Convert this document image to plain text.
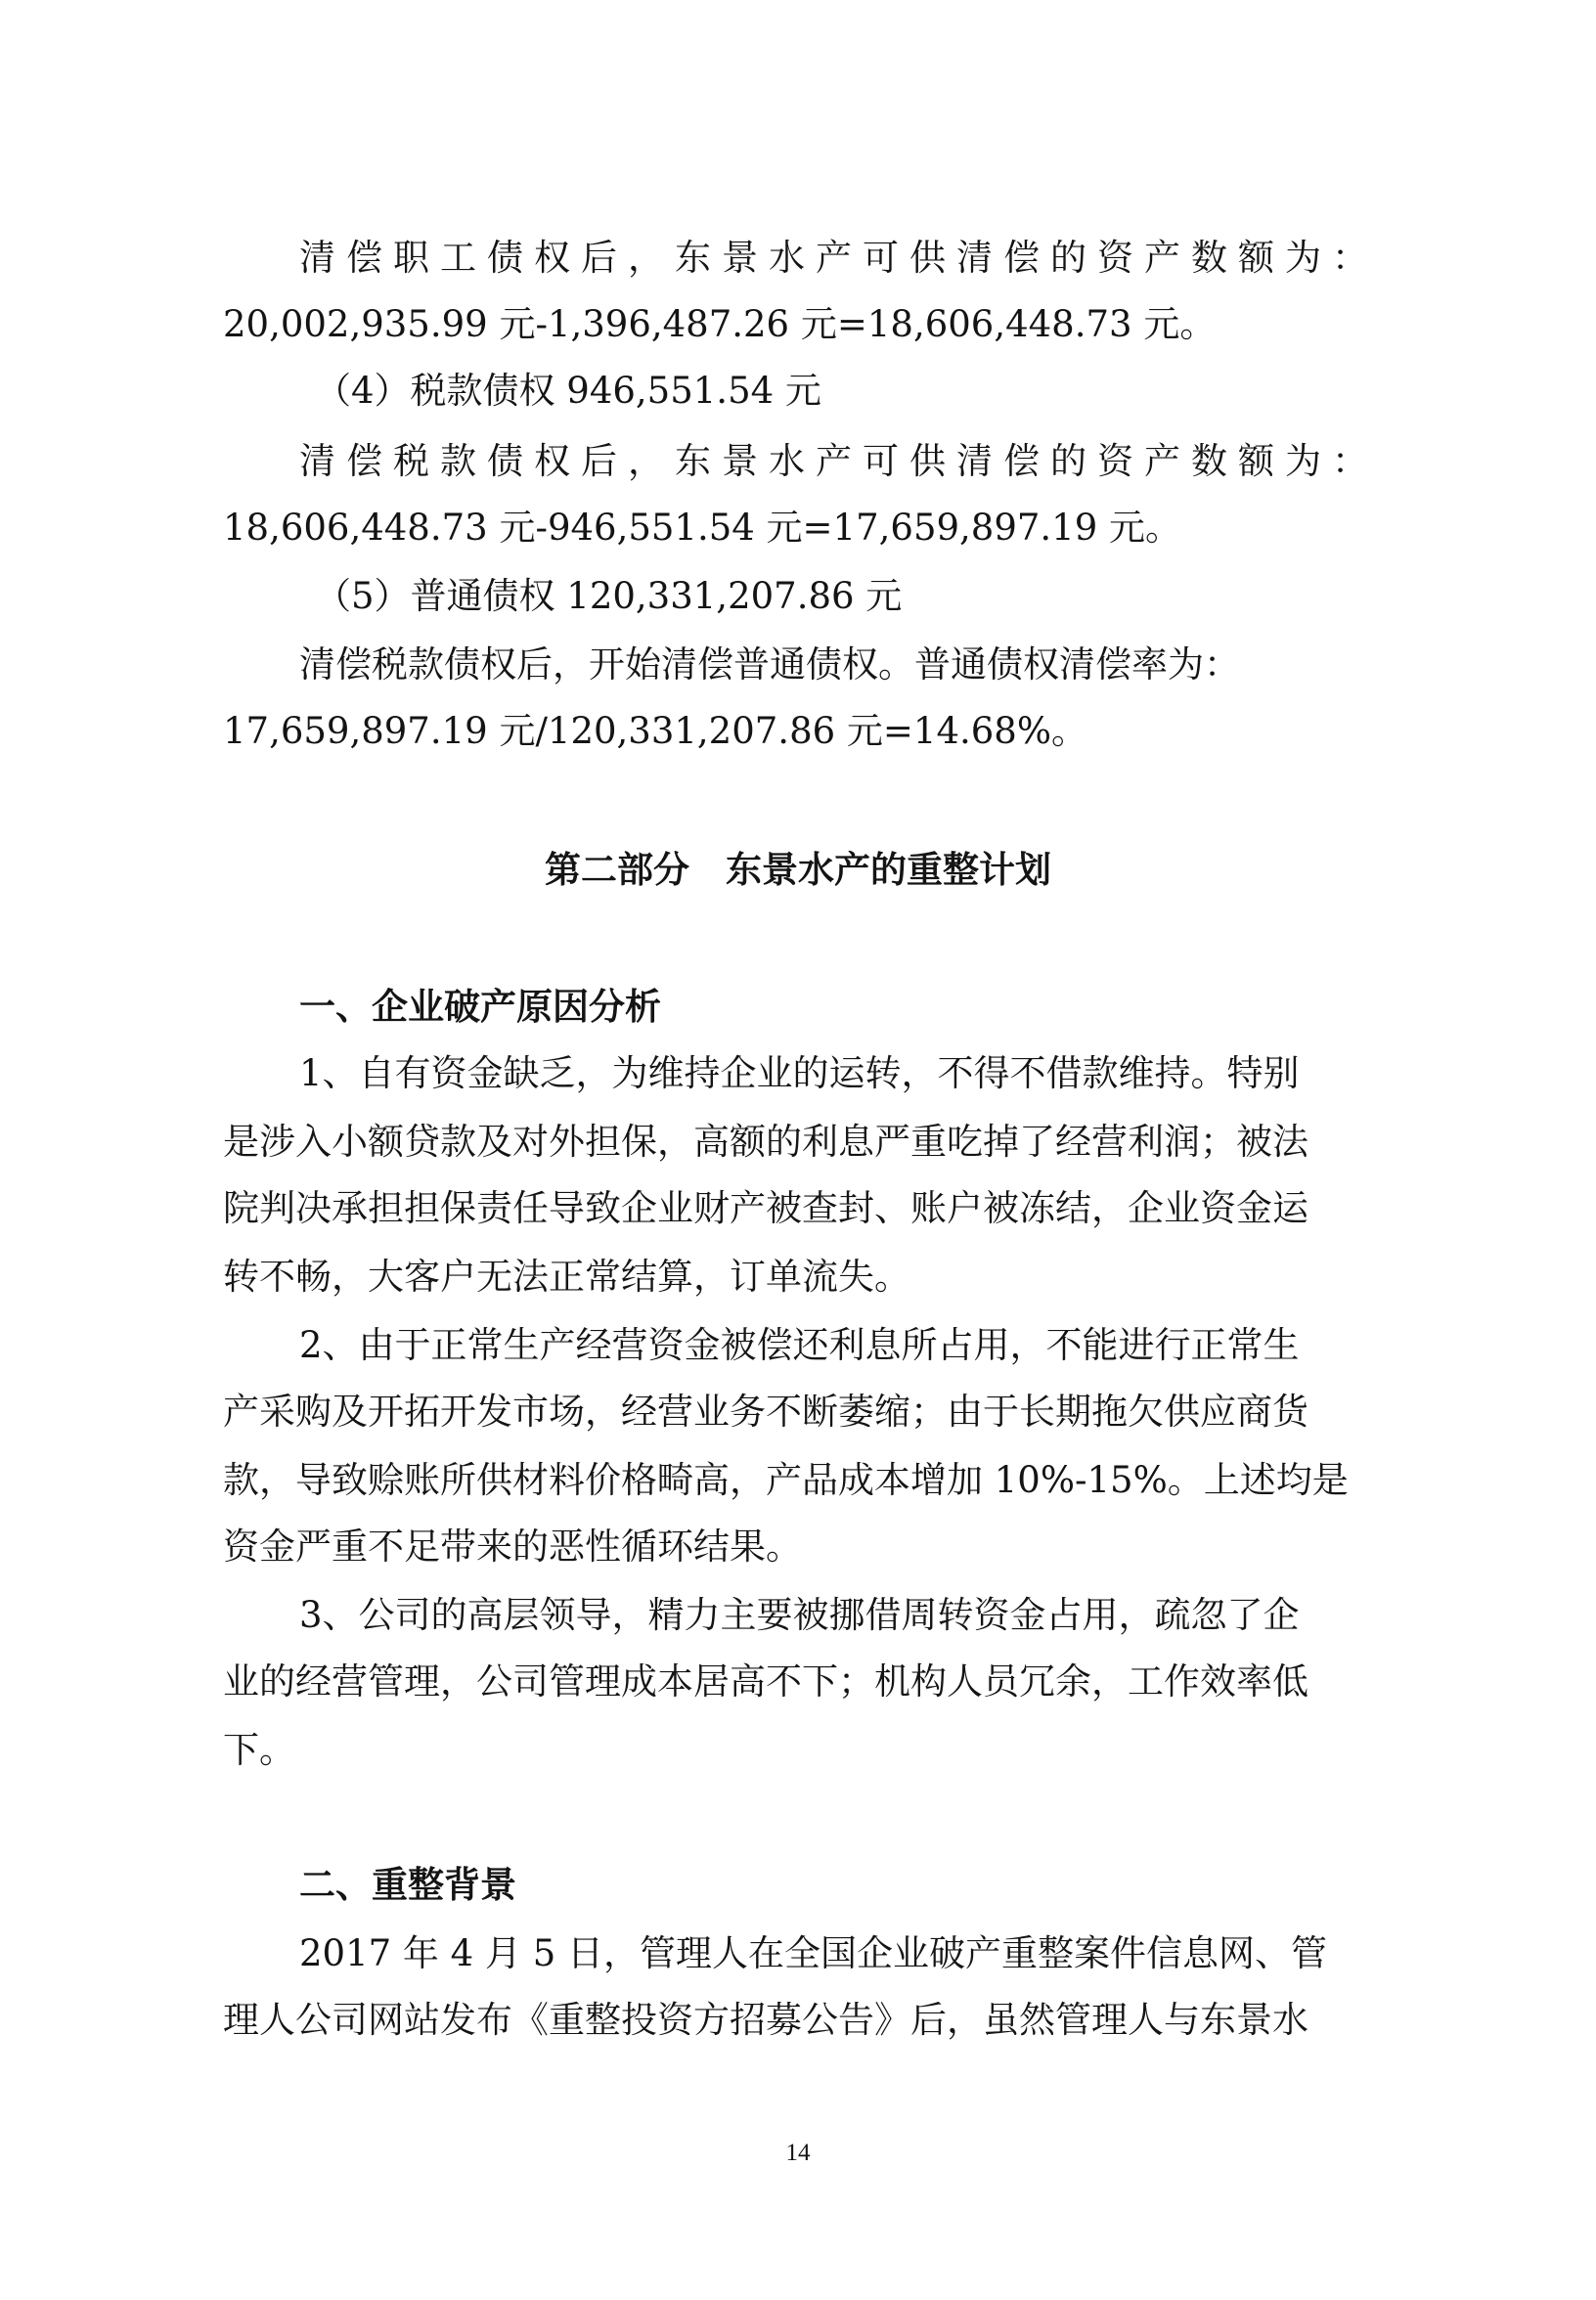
清偿职工债权后，东景水产可供清偿的资产数额为：
20,002,935.99 元-1,396,487.26 元=18,606,448.73 元。
（4）税款债权 946,551.54 元
清偿税款债权后，东景水产可供清偿的资产数额为：
18,606,448.73 元-946,551.54 元=17,659,897.19 元。
（5）普通债权 120,331,207.86 元
清偿税款债权后，开始清偿普通债权。普通债权清偿率为：
17,659,897.19 元/120,331,207.86 元=14.68%。
第二部分　东景水产的重整计划
一、企业破产原因分析
1、自有资金缺乏，为维持企业的运转，不得不借款维持。特别
是涉入小额贷款及对外担保，高额的利息严重吃掉了经营利润；被法
院判决承担担保责任导致企业财产被查封、账户被冻结，企业资金运
转不畅，大客户无法正常结算，订单流失。
2、由于正常生产经营资金被偿还利息所占用，不能进行正常生
产采购及开拓开发市场，经营业务不断萎缩；由于长期拖欠供应商货
款，导致赊账所供材料价格畸高，产品成本增加 10%-15%。上述均是
资金严重不足带来的恶性循环结果。
3、公司的高层领导，精力主要被挪借周转资金占用，疏忽了企
业的经营管理，公司管理成本居高不下；机构人员冗余，工作效率低
下。
二、重整背景
2017 年 4 月 5 日，管理人在全国企业破产重整案件信息网、管
理人公司网站发布《重整投资方招募公告》后，虽然管理人与东景水
14
